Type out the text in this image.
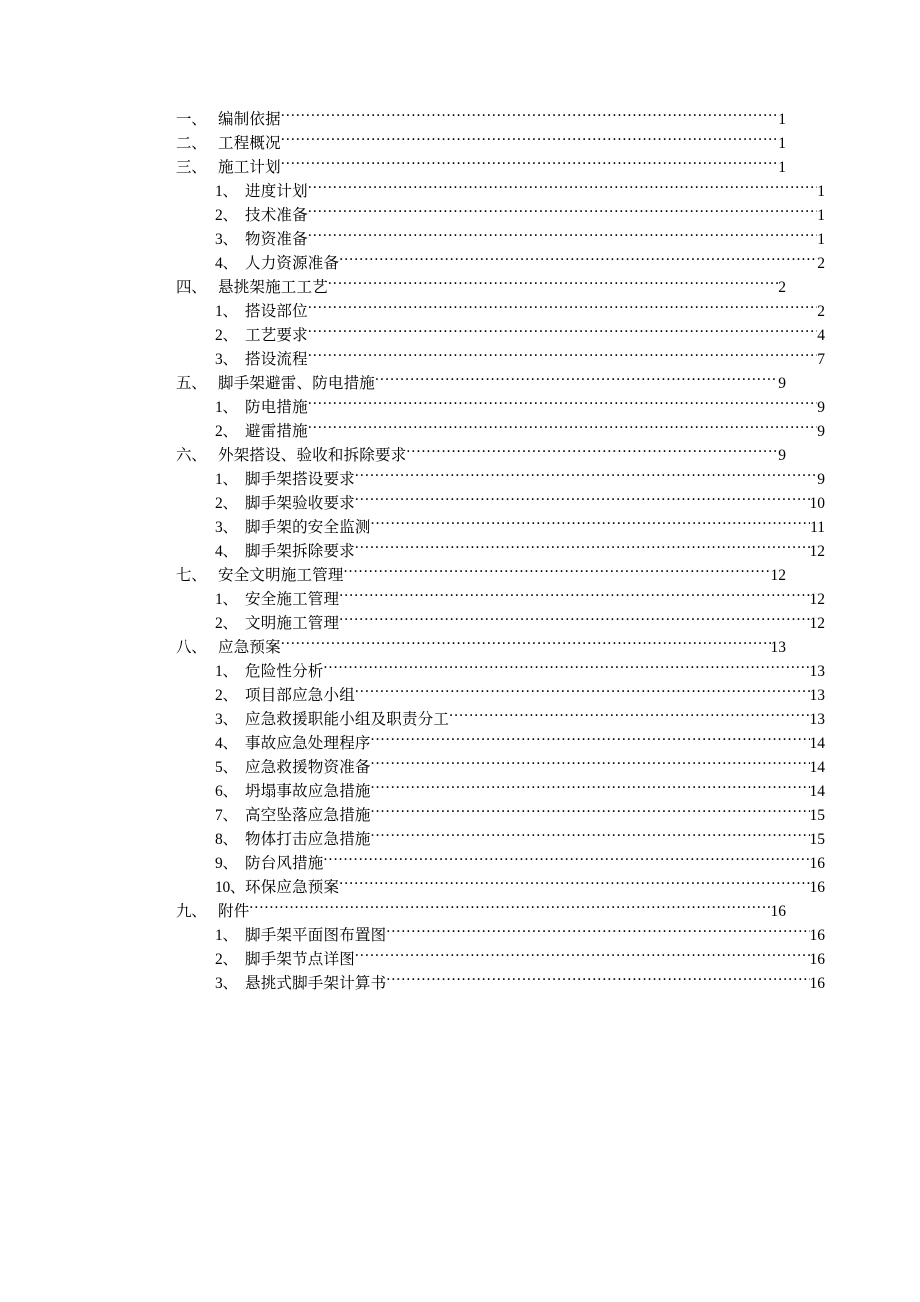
一、 编制依据 .....	1
二、 工程概况 .....	1
三、 施工计划 .....	1
1、 进度计划 .....	1
2、 技术准备 .....	1
3、 物资准备 .....	1
4、 人力资源准备 .....	2
四、 悬挑架施工工艺 .....	2
1、 搭设部位 .....	2
2、 工艺要求 .....	4
3、 搭设流程 .....	7
五、 脚手架避雷、防电措施 .....	9
1、 防电措施 .....	9
2、 避雷措施 .....	9
六、 外架搭设、验收和拆除要求 .....	9
1、 脚手架搭设要求 .....	9
2、 脚手架验收要求 .....	10
3、 脚手架的安全监测 .....	11
4、 脚手架拆除要求 .....	12
七、 安全文明施工管理 .....	12
1、 安全施工管理 .....	12
2、 文明施工管理 .....	12
八、 应急预案 .....	13
1、 危险性分析 .....	13
2、 项目部应急小组 .....	13
3、 应急救援职能小组及职责分工 .....	13
4、 事故应急处理程序 .....	14
5、 应急救援物资准备 .....	14
6、 坍塌事故应急措施 .....	14
7、 高空坠落应急措施 .....	15
8、 物体打击应急措施 .....	15
9、 防台风措施 .....	16
10、 环保应急预案 .....	16
九、 附件 .....	16
1、 脚手架平面图布置图 .....	16
2、 脚手架节点详图 .....	16
3、 悬挑式脚手架计算书 .....	16
